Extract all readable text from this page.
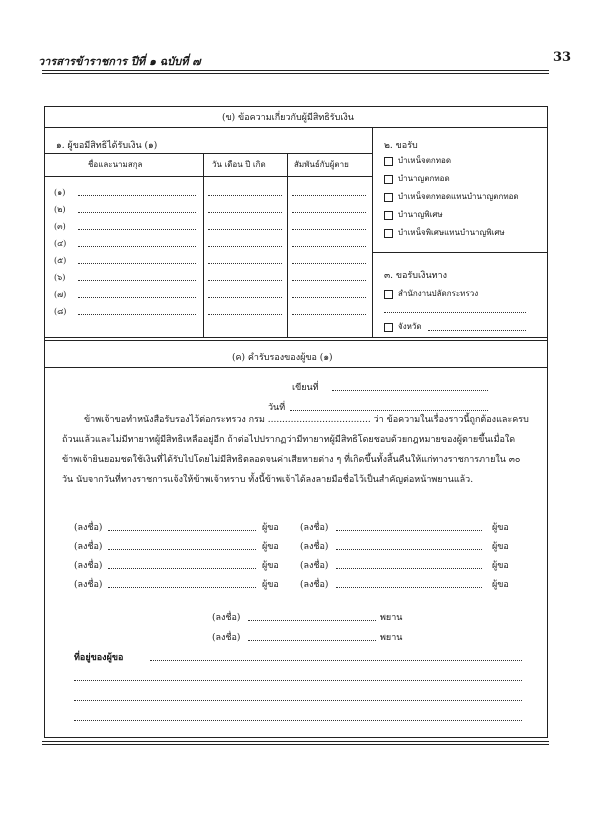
วารสารข้าราชการ ปีที่ ๑ ฉบับที่ ๗	33
(ข) ข้อความเกี่ยวกับผู้มีสิทธิรับเงิน
๑. ผู้ขอมีสิทธิได้รับเงิน (๑)
ชื่อและนามสกุล	วัน เดือน ปี เกิด	สัมพันธ์กับผู้ตาย
(๑)
(๒)
(๓)
(๔)
(๕)
(๖)
(๗)
(๘)
๒. ขอรับ
บำเหน็จตกทอด
บำนาญตกทอด
บำเหน็จตกทอดแทนบำนาญตกทอด
บำนาญพิเศษ
บำเหน็จพิเศษแทนบำนาญพิเศษ
๓. ขอรับเงินทาง
สำนักงานปลัดกระทรวง
จังหวัด
(ค) คำรับรองของผู้ขอ (๑)
เขียนที่
วันที่
ข้าพเจ้าขอทำหนังสือรับรองไว้ต่อกระทรวง กรม .................................... ว่า ข้อความในเรื่องราวนี้ถูกต้องและครบถ้วนแล้วและไม่มีทายาทผู้มีสิทธิเหลืออยู่อีก ถ้าต่อไปปรากฏว่ามีทายาทผู้มีสิทธิโดยชอบด้วยกฎหมายของผู้ตายขึ้นเมื่อใด ข้าพเจ้ายินยอมชดใช้เงินที่ได้รับไปโดยไม่มีสิทธิตลอดจนค่าเสียหายต่าง ๆ ที่เกิดขึ้นทั้งสิ้นคืนให้แก่ทางราชการภายใน ๓๐ วัน นับจากวันที่ทางราชการแจ้งให้ข้าพเจ้าทราบ ทั้งนี้ข้าพเจ้าได้ลงลายมือชื่อไว้เป็นสำคัญต่อหน้าพยานแล้ว.
(ลงชื่อ)	ผู้ขอ (ลงชื่อ)	ผู้ขอ
(ลงชื่อ)	ผู้ขอ (ลงชื่อ)	ผู้ขอ
(ลงชื่อ)	ผู้ขอ (ลงชื่อ)	ผู้ขอ
(ลงชื่อ)	ผู้ขอ (ลงชื่อ)	ผู้ขอ
(ลงชื่อ)	พยาน
(ลงชื่อ)	พยาน
ที่อยู่ของผู้ขอ
